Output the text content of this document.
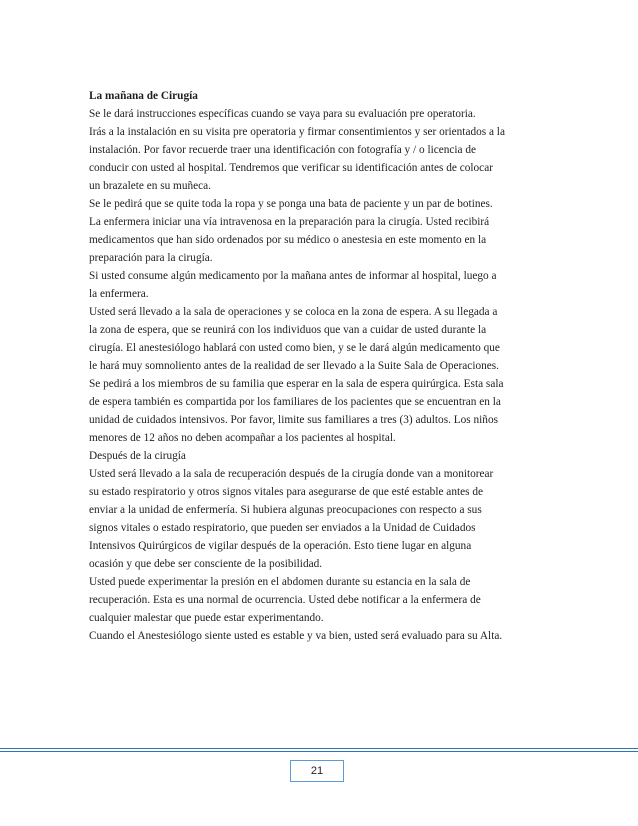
La mañana de Cirugía
Se le dará instrucciones específicas cuando se vaya para su evaluación pre operatoria.
Irás a la instalación en su visita pre operatoria y firmar consentimientos y ser orientados a la
instalación. Por favor recuerde traer una identificación con fotografía y / o licencia de
conducir con usted al hospital. Tendremos que verificar su identificación antes de colocar
un brazalete en su muñeca.
Se le pedirá que se quite toda la ropa y se ponga una bata de paciente y un par de botines.
La enfermera iniciar una vía intravenosa en la preparación para la cirugía. Usted recibirá
medicamentos que han sido ordenados por su médico o anestesia en este momento en la
preparación para la cirugía.
Si usted consume algún medicamento por la mañana antes de informar al hospital, luego a
la enfermera.
Usted será llevado a la sala de operaciones y se coloca en la zona de espera. A su llegada a
la zona de espera, que se reunirá con los individuos que van a cuidar de usted durante la
cirugía. El anestesiólogo hablará con usted como bien, y se le dará algún medicamento que
le hará muy somnoliento antes de la realidad de ser llevado a la Suite Sala de Operaciones.
Se pedirá a los miembros de su familia que esperar en la sala de espera quirúrgica. Esta sala
de espera también es compartida por los familiares de los pacientes que se encuentran en la
unidad de cuidados intensivos. Por favor, limite sus familiares a tres (3) adultos. Los niños
menores de 12 años no deben acompañar a los pacientes al hospital.
Después de la cirugía
Usted será llevado a la sala de recuperación después de la cirugía donde van a monitorear
su estado respiratorio y otros signos vitales para asegurarse de que esté estable antes de
enviar a la unidad de enfermería. Si hubiera algunas preocupaciones con respecto a sus
signos vitales o estado respiratorio, que pueden ser enviados a la Unidad de Cuidados
Intensivos Quirúrgicos de vigilar después de la operación. Esto tiene lugar en alguna
ocasión y que debe ser consciente de la posibilidad.
Usted puede experimentar la presión en el abdomen durante su estancia en la sala de
recuperación. Esta es una normal de ocurrencia. Usted debe notificar a la enfermera de
cualquier malestar que puede estar experimentando.
Cuando el Anestesiólogo siente usted es estable y va bien, usted será evaluado para su Alta.
21
